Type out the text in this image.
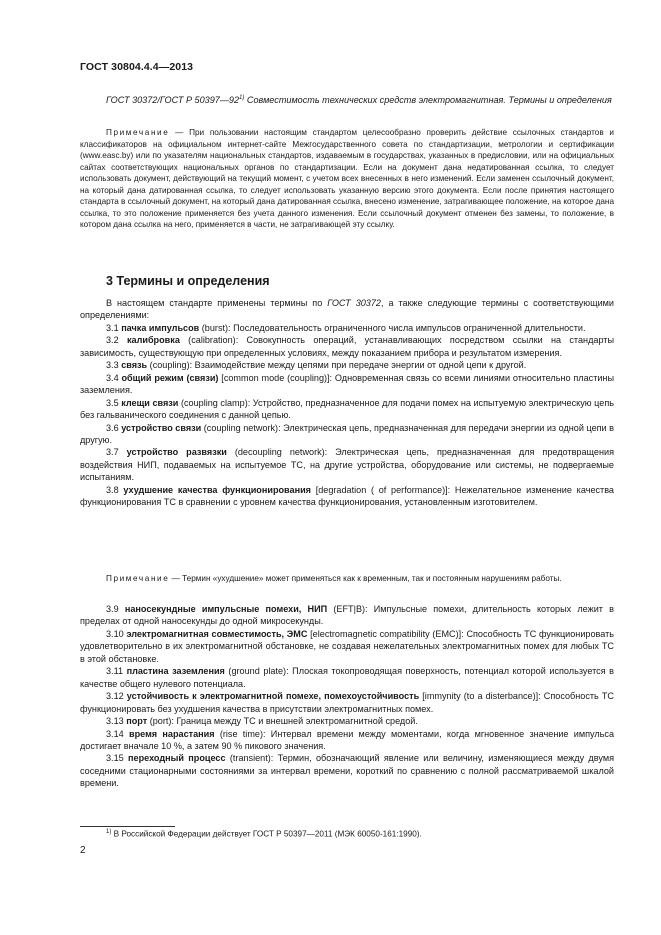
ГОСТ 30804.4.4—2013

ГОСТ 30372/ГОСТ Р 50397—92$^{1)}$ Совместимость технических средств электромагнитная. Термины и определения

Примечание — При пользовании настоящим стандартом целесообразно проверить действие ссылочных стандартов и классификаторов на официальном интернет-сайте Межгосударственного совета по стандартизации, метрологии и сертификации (www.easc.by) или по указателям национальных стандартов, издаваемым в государствах, указанных в предисловии, или на официальных сайтах соответствующих национальных органов по стандартизации. Если на документ дана недатированная ссылка, то следует использовать документ, действующий на текущий момент, с учетом всех внесенных в него изменений. Если заменен ссылочный документ, на который дана датированная ссылка, то следует использовать указанную версию этого документа. Если после принятия настоящего стандарта в ссылочный документ, на который дана датированная ссылка, внесено изменение, затрагивающее положение, на которое дана ссылка, то это положение применяется без учета данного изменения. Если ссылочный документ отменен без замены, то положение, в котором дана ссылка на него, применяется в части, не затрагивающей эту ссылку.

3 Термины и определения

В настоящем стандарте применены термины по ГОСТ 30372, а также следующие термины с соответствующими определениями:

3.1 пачка импульсов (burst): Последовательность ограниченного числа импульсов ограниченной длительности.

3.2 калибровка (calibration): Совокупность операций, устанавливающих посредством ссылки на стандарты зависимость, существующую при определенных условиях, между показанием прибора и результатом измерения.

3.3 связь (coupling): Взаимодействие между цепями при передаче энергии от одной цепи к другой.

3.4 общий режим (связи) [common mode (coupling)]: Одновременная связь со всеми линиями относительно пластины заземления.

3.5 клещи связи (coupling clamp): Устройство, предназначенное для подачи помех на испытуемую электрическую цепь без гальванического соединения с данной цепью.

3.6 устройство связи (coupling network): Электрическая цепь, предназначенная для передачи энергии из одной цепи в другую.

3.7 устройство развязки (decoupling network): Электрическая цепь, предназначенная для предотвращения воздействия НИП, подаваемых на испытуемое ТС, на другие устройства, оборудование или системы, не подвергаемые испытаниям.

3.8 ухудшение качества функционирования [degradation ( of performance)]: Нежелательное изменение качества функционирования ТС в сравнении с уровнем качества функционирования, установленным изготовителем.

Примечание — Термин «ухудшение» может применяться как к временным, так и постоянным нарушениям работы.

3.9 наносекундные импульсные помехи, НИП (EFT|B): Импульсные помехи, длительность которых лежит в пределах от одной наносекунды до одной микросекунды.

3.10 электромагнитная совместимость, ЭМС [electromagnetic compatibility (EMC)]: Способность ТС функционировать удовлетворительно в их электромагнитной обстановке, не создавая нежелательных электромагнитных помех для любых ТС в этой обстановке.

3.11 пластина заземления (ground plate): Плоская токопроводящая поверхность, потенциал которой используется в качестве общего нулевого потенциала.

3.12 устойчивость к электромагнитной помехе, помехоустойчивость [immynity (to a disterbance)]: Способность ТС функционировать без ухудшения качества в присутствии электромагнитных помех.

3.13 порт (port): Граница между ТС и внешней электромагнитной средой.

3.14 время нарастания (rise time): Интервал времени между моментами, когда мгновенное значение импульса достигает вначале 10 %, а затем 90 % пикового значения.

3.15 переходный процесс (transient): Термин, обозначающий явление или величину, изменяющиеся между двумя соседними стационарными состояниями за интервал времени, короткий по сравнению с полной рассматриваемой шкалой времени.

$^{1)}$ В Российской Федерации действует ГОСТ Р 50397—2011 (МЭК 60050-161:1990).
2
